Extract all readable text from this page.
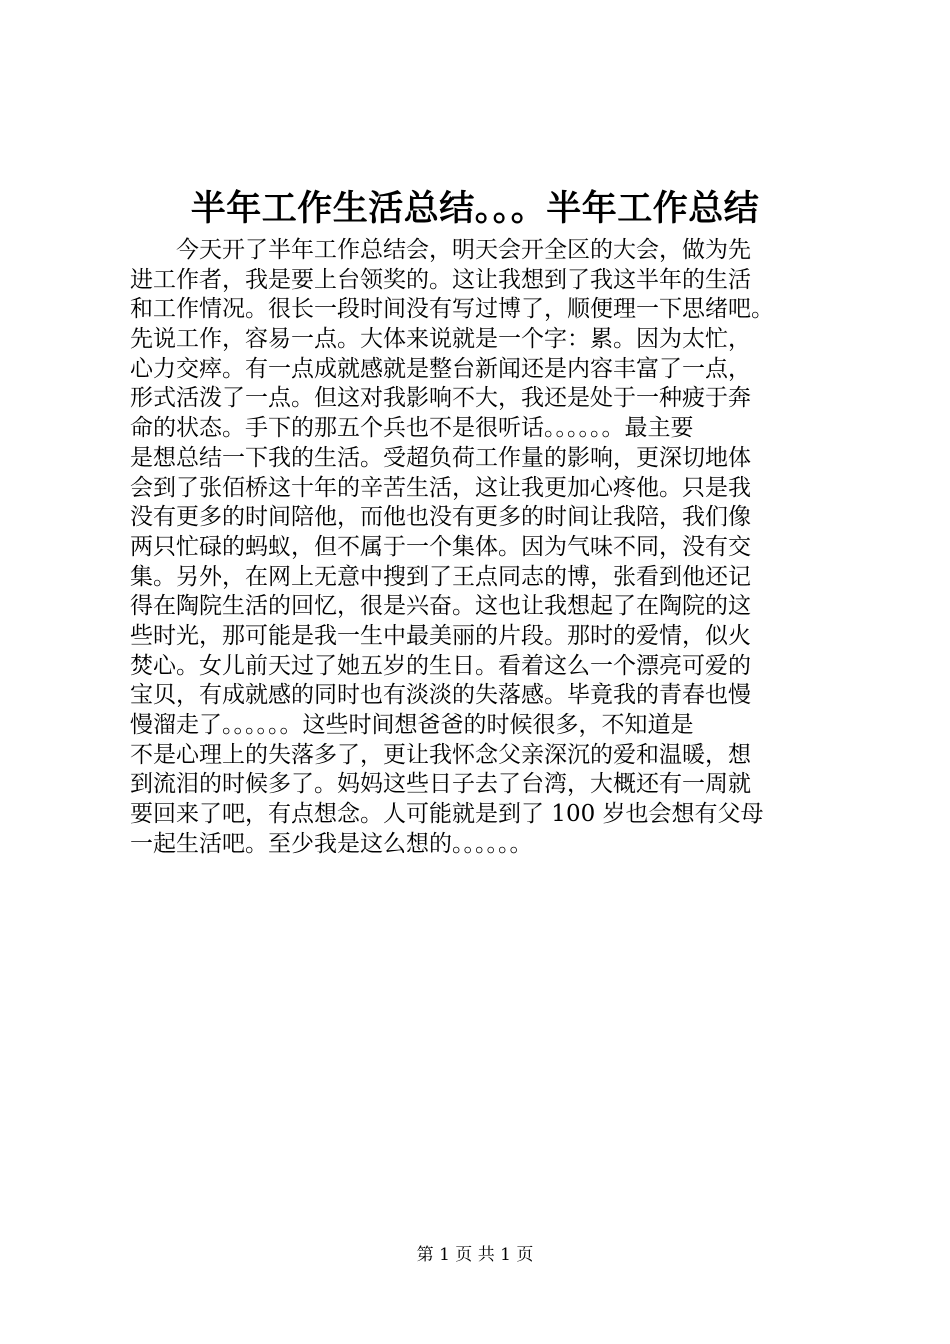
半年工作生活总结。。。半年工作总结
　　今天开了半年工作总结会，明天会开全区的大会，做为先
进工作者，我是要上台领奖的。这让我想到了我这半年的生活
和工作情况。很长一段时间没有写过博了，顺便理一下思绪吧。
先说工作，容易一点。大体来说就是一个字：累。因为太忙，
心力交瘁。有一点成就感就是整台新闻还是内容丰富了一点，
形式活泼了一点。但这对我影响不大，我还是处于一种疲于奔
命的状态。手下的那五个兵也不是很听话。。。。。。最主要
是想总结一下我的生活。受超负荷工作量的影响，更深切地体
会到了张佰桥这十年的辛苦生活，这让我更加心疼他。只是我
没有更多的时间陪他，而他也没有更多的时间让我陪，我们像
两只忙碌的蚂蚁，但不属于一个集体。因为气味不同，没有交
集。另外，在网上无意中搜到了王点同志的博，张看到他还记
得在陶院生活的回忆，很是兴奋。这也让我想起了在陶院的这
些时光，那可能是我一生中最美丽的片段。那时的爱情，似火
焚心。女儿前天过了她五岁的生日。看着这么一个漂亮可爱的
宝贝，有成就感的同时也有淡淡的失落感。毕竟我的青春也慢
慢溜走了。。。。。。这些时间想爸爸的时候很多，不知道是
不是心理上的失落多了，更让我怀念父亲深沉的爱和温暖，想
到流泪的时候多了。妈妈这些日子去了台湾，大概还有一周就
要回来了吧，有点想念。人可能就是到了 100 岁也会想有父母
一起生活吧。至少我是这么想的。。。。。。
第 1 页 共 1 页
